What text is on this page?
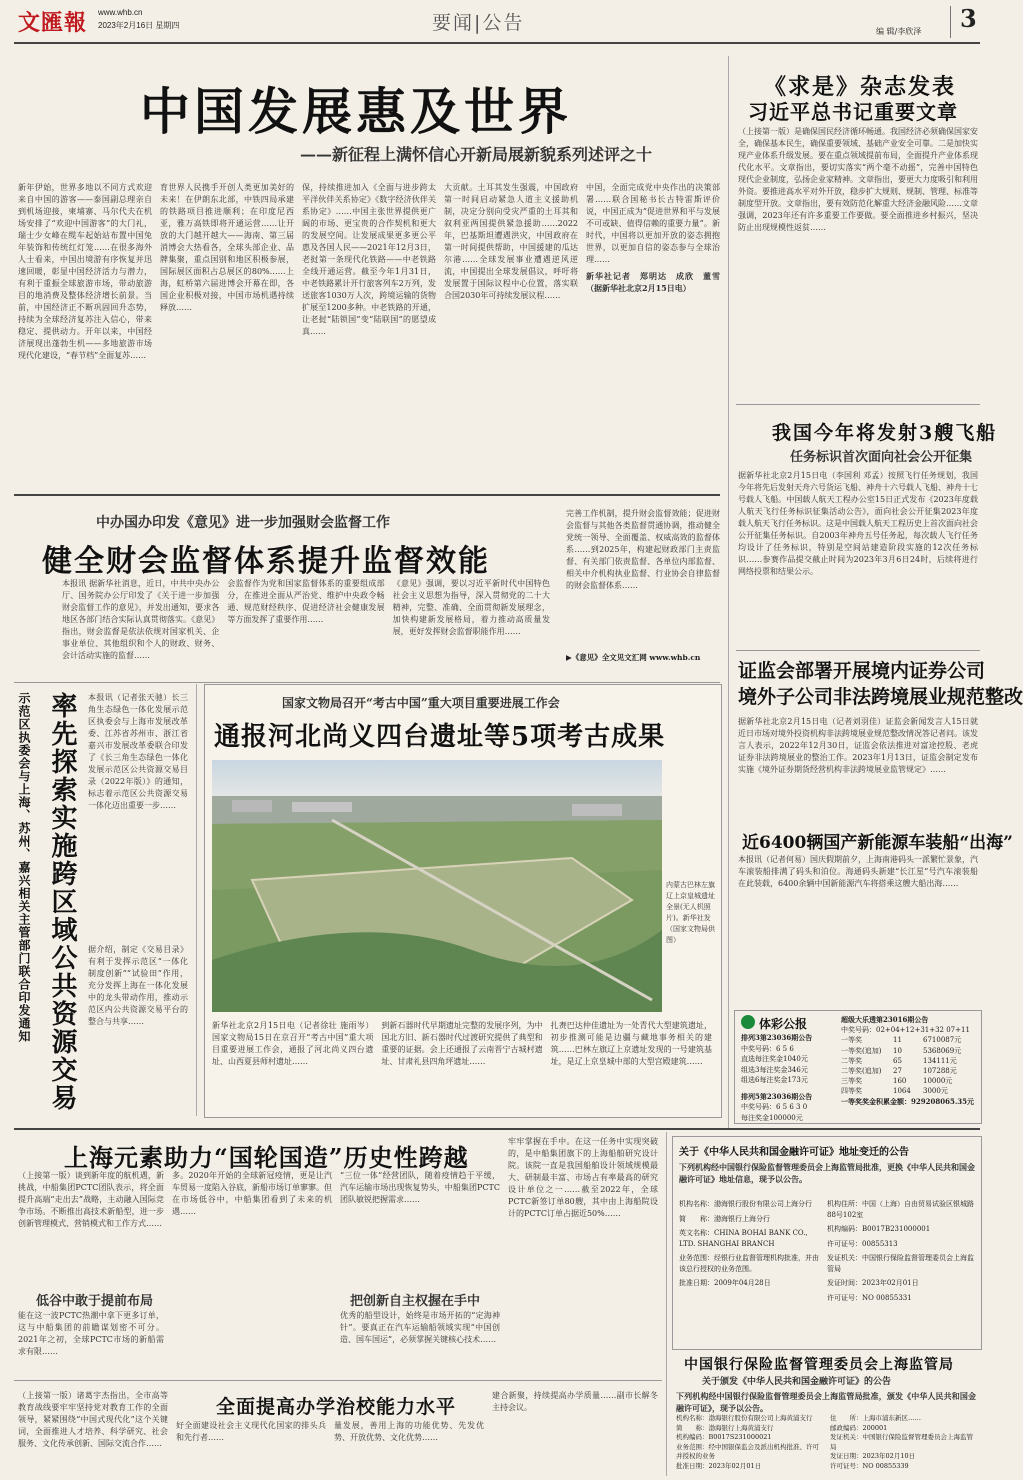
文匯報 www.whb.cn
2023年2月16日 星期四	要闻|公告	编 辑/李欣泽 3
中国发展惠及世界
——新征程上满怀信心开新局展新貌系列述评之十
新年伊始，世界多地以不同方式欢迎来自中国的游客——泰国副总理亲自到机场迎接，柬埔寨、马尔代夫在机场安排了“欢迎中国游客”的大门礼，瑞士少女峰在缆车起始站布置中国兔年装饰和传统红灯笼……在很多海外人士看来，中国出境游有序恢复并迅速回暖，彰显中国经济活力与潜力，有利于重振全球旅游市场，带动旅游目的地消费及整体经济增长前景。当前，中国经济正不断巩固回升态势，持续为全球经济复苏注入信心，带来稳定、提供动力。开年以来，中国经济展现出蓬勃生机——多地旅游市场现代化建设，“春节档”全面复苏……
育世界人民携手开创人类更加美好的未来！在伊朗东北部，中铁四局承建的铁路项目推进顺利；在印度尼西亚，雅万高铁即将开通运营……让开放的大门越开越大——海南、第三届消博会大热看各，全球头部企业、品牌集聚，重点国别和地区积极参展，国际展区面积占总展区的80%……上海，虹桥第六届进博会开幕在即，各国企业积极对接，中国市场机遇持续释放……
保，持续推进加入《全面与进步跨太平洋伙伴关系协定》《数字经济伙伴关系协定》……中国主张世界提供更广阔的市场、更宝贵的合作契机和更大的发展空间。让发展成果更多更公平惠及各国人民——2021年12月3日，老挝第一条现代化铁路——中老铁路全线开通运营。截至今年1月31日，中老铁路累计开行旅客列车2万列，发送旅客1030万人次，跨境运输的货物扩展至1200多种。中老铁路的开通，让老挝“陆锁国”变“陆联国”的愿望成真……
大贡献。土耳其发生强震，中国政府第一时间启动紧急人道主义援助机制，决定分别向受灾严重的土耳其和叙利亚两国提供紧急援助……2022年，巴基斯坦遭遇洪灾，中国政府在第一时间提供帮助，中国援建的瓜达尔港……全球发展事业遭遇逆风逆流，中国提出全球发展倡议，呼吁将发展置于国际议程中心位置，落实联合国2030年可持续发展议程……
中国，全面完成党中央作出的决策部署……联合国秘书长古特雷斯评价说，中国正成为“促进世界和平与发展不可或缺、值得信赖的重要力量”。新时代，中国将以更加开放的姿态拥抱世界，以更加自信的姿态参与全球治理……
新华社记者　郑明达　成欣　董雪　（据新华社北京2月15日电）
《求是》杂志发表
习近平总书记重要文章
（上接第一版）是确保国民经济循环畅通。我国经济必须确保国家安全，确保基本民生，确保重要领域、基础产业安全可靠。二是加快实现产业体系升级发展。要在重点领域提前布局，全面提升产业体系现代化水平。文章指出，要切实落实“两个毫不动摇”，完善中国特色现代企业制度，弘扬企业家精神。文章指出，要更大力度吸引和利用外资。要推进高水平对外开放，稳步扩大规则、规制、管理、标准等制度型开放。文章指出，要有效防范化解重大经济金融风险……文章强调，2023年还有许多重要工作要做。要全面推进乡村振兴，坚决防止出现规模性返贫……
我国今年将发射3艘飞船
任务标识首次面向社会公开征集
据新华社北京2月15日电（李国利 邓孟）按照飞行任务规划，我国今年将先后发射天舟六号货运飞船、神舟十六号载人飞船、神舟十七号载人飞船。中国载人航天工程办公室15日正式发布《2023年度载人航天飞行任务标识征集活动公告》，面向社会公开征集2023年度载人航天飞行任务标识。这是中国载人航天工程历史上首次面向社会公开征集任务标识。自2003年神舟五号任务起，每次载人飞行任务均设计了任务标识，特别是空间站建造阶段实施的12次任务标识……参赛作品提交截止时间为2023年3月6日24时，后续将进行网络投票和结果公示。
证监会部署开展境内证券公司
境外子公司非法跨境展业规范整改
据新华社北京2月15日电（记者刘羽佳）证监会新闻发言人15日就近日市场对境外投资机构非法跨境展业规范整改情况答记者问。该发言人表示，2022年12月30日，证监会依法推进对富途控股、老虎证券非法跨境展业的整治工作。2023年1月13日，证监会制定发布实施《境外证券期货经营机构非法跨境展业监管规定》……
近6400辆国产新能源车装船“出海”
本报讯（记者何易）国庆假期前夕，上海南港码头一派繁忙景象，汽车滚装船排满了码头和泊位。海通码头新建“长江星”号汽车滚装船在此装载，6400余辆中国新能源汽车将搭乘这艘大船出海……
体彩公报
排列3第23036期公告
中奖号码：6 5 6
直选每注奖金1040元
组选3每注奖金346元
组选6每注奖金173元
排列5第23036期公告
中奖号码：6 5 6 3 0
每注奖金100000元
超级大乐透第23016期公告
中奖号码：02+04+12+31+32 07+11
一等奖	11	6710087元
一等奖(追加)	10	5368069元
二等奖	65	134111元
二等奖(追加)	27	107288元
三等奖	160	10000元
四等奖	1064	3000元
一等奖奖金积累金额：929208065.35元
中办国办印发《意见》进一步加强财会监督工作
健全财会监督体系提升监督效能
本报讯 据新华社消息，近日，中共中央办公厅、国务院办公厅印发了《关于进一步加强财会监督工作的意见》，并发出通知，要求各地区各部门结合实际认真贯彻落实。《意见》指出，财会监督是依法依规对国家机关、企事业单位、其他组织和个人的财政、财务、会计活动实施的监督……
会监督作为党和国家监督体系的重要组成部分，在推进全面从严治党、维护中央政令畅通、规范财经秩序、促进经济社会健康发展等方面发挥了重要作用……
《意见》强调，要以习近平新时代中国特色社会主义思想为指导，深入贯彻党的二十大精神，完整、准确、全面贯彻新发展理念，加快构建新发展格局，着力推动高质量发展，更好发挥财会监督职能作用……
完善工作机制，提升财会监督效能；促进财会监督与其他各类监督贯通协调，推动健全党统一领导、全面覆盖、权威高效的监督体系……到2025年，构建起财政部门主责监督、有关部门依责监督、各单位内部监督、相关中介机构执业监督、行业协会自律监督的财会监督体系……
▶《意见》全文见文汇网 www.whb.cn
率先探索实施跨区域公共资源交易
示范区执委会与上海、苏州、嘉兴相关主管部门联合印发通知	本报讯（记者张天驰）长三角生态绿色一体化发展示范区执委会与上海市发展改革委、江苏省苏州市、浙江省嘉兴市发展改革委联合印发了《长三角生态绿色一体化发展示范区公共资源交易目录（2022年版）》的通知，标志着示范区公共资源交易一体化迈出重要一步……
据介绍，制定《交易目录》有利于发挥示范区“一体化制度创新”“试验田”作用，充分发挥上海在一体化发展中的龙头带动作用，推动示范区内公共资源交易平台的整合与共享……
国家文物局召开“考古中国”重大项目重要进展工作会
通报河北尚义四台遗址等5项考古成果
内蒙古巴林左旗辽上京皇城遗址全景(无人机照片)。新华社发（国家文物局供图）
新华社北京2月15日电（记者徐壮 施雨岑）国家文物局15日在京召开“考古中国”重大项目重要进展工作会，通报了河北尚义四台遗址、山西夏县师村遗址……
到新石器时代早期遗址完整的发展序列，为中国北方旧、新石器时代过渡研究提供了典型和重要的证据。会上还通报了云南晋宁古城村遗址、甘肃礼县四角坪遗址……
扎赉巴达仲佳遗址为一处青代大型建筑遗址，初步推测可能是边疆与藏地事务相关的建筑……巴林左旗辽上京遗址发现的一号建筑基址，是辽上京皇城中部的大型宫殿建筑……
上海元素助力“国轮国造”历史性跨越
（上接第一版）谈到新年度的航机遇，新挑战，中船集团PCTC团队表示，将全面提升高端“走出去”战略，主动融入国际竞争市场。不断推出高技术新船型，进一步创新管理模式、营销模式和工作方式……
低谷中敢于提前布局
能在这一波PCTC热潮中拿下更多订单，这与中船集团的前瞻谋划密不可分。2021年之初，全球PCTC市场的新船需求有限……
多。2020年开始的全球新冠疫情，更是让汽车贸易一度陷入谷底，新船市场订单寥寥。但在市场低谷中，中船集团看到了未来的机遇……
“三位一体”经营团队，随着疫情趋于平缓，汽车运输市场出现恢复势头，中船集团PCTC团队敏锐把握需求……
把创新自主权握在手中
优秀的船型设计，始终是市场开拓的“定海神针”。要真正在汽车运输船领域实现“中国创造、国车国运”，必须掌握关键核心技术……
牢牢掌握在手中。在这一任务中实现突破的，是中船集团旗下的上海船舶研究设计院。该院一直是我国船舶设计领域规模最大、研制最丰富、市场占有率最高的研究设计单位之一……截至2022年，全球PCTC新签订单80艘，其中由上海船院设计的PCTC订单占据近50%……
全面提高办学治校能力水平
（上接第一版）诸葛宇杰指出，全市高等教育战线要牢牢坚持党对教育工作的全面领导，紧紧围绕“中国式现代化”这个关键词，全面推进人才培养、科学研究、社会服务、文化传承创新、国际交流合作……
好全面建设社会主义现代化国家的排头兵和先行者……
量发展，善用上海的功能优势、先发优势、开放优势、文化优势……
建合新聚，持续提高办学质量……副市长解冬主持会议。
关于《中华人民共和国金融许可证》地址变迁的公告
下列机构经中国银行保险监督管理委员会上海监管局批准，更换《中华人民共和国金融许可证》地址信息，现予以公告。
机构名称：渤海银行股份有限公司上海分行
简　　称：渤海银行上海分行
英文名称：CHINA BOHAI BANK CO., LTD. SHANGHAI BRANCH
业务范围：经银行业监督管理机构批准，并由该总行授权的业务范围。
批准日期：2009年04月28日
机构住所：中国（上海）自由贸易试验区银城路88号102室
机构编码：B0017B231000001
许可证号：00855313
发证机关：中国银行保险监督管理委员会上海监管局
发证时间：2023年02月01日
许可证号：NO 00855331
中国银行保险监督管理委员会上海监管局
关于颁发《中华人民共和国金融许可证》的公告
下列机构经中国银行保险监督管理委员会上海监管局批准，颁发《中华人民共和国金融许可证》，现予以公告。
机构名称：渤海银行股份有限公司上海黄浦支行
简　　称：渤海银行上海黄浦支行
机构编码：B0017S231000021
业务范围：经中国银保监会及派出机构批准、许可并授权的业务
批准日期：2023年02月01日
住　　所：上海市浦东新区……
邮政编码：200001
发证机关：中国银行保险监督管理委员会上海监管局
发证日期：2023年02月10日
许可证号：NO 00855339
